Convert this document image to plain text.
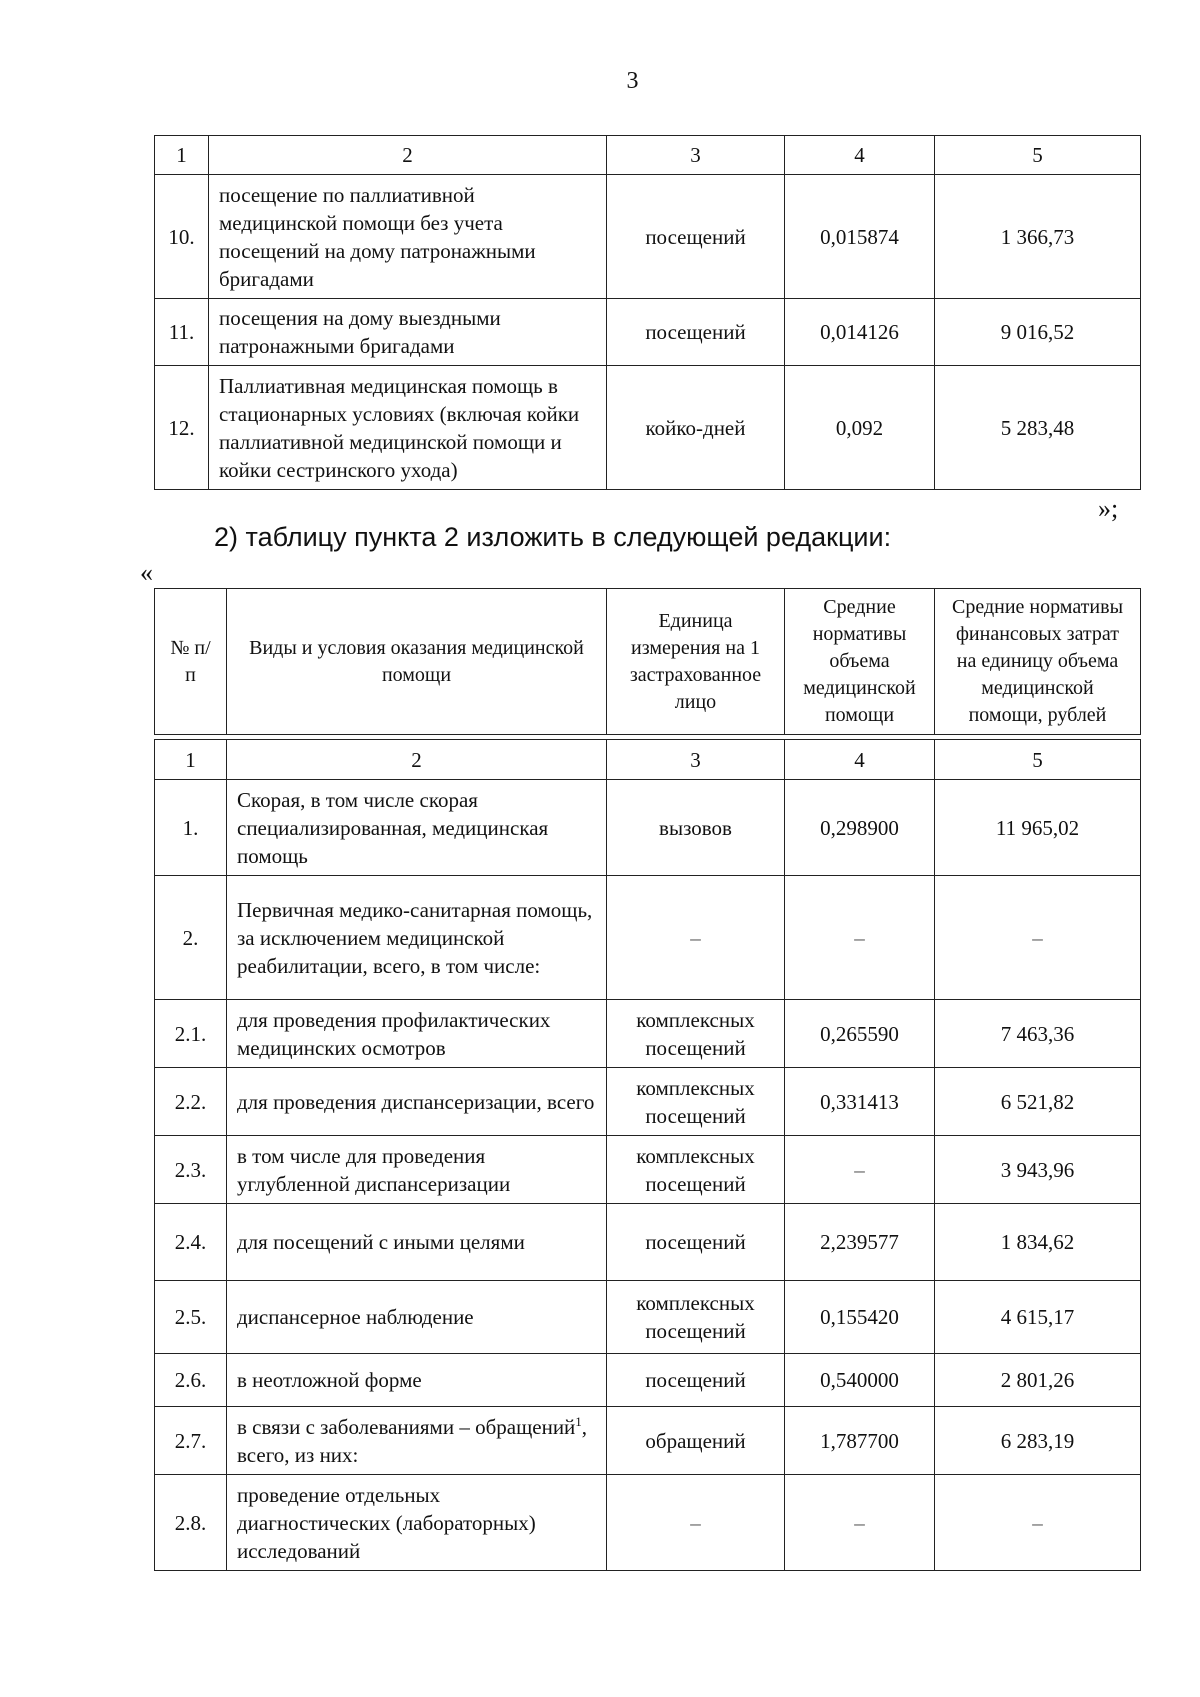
3
1	2	3	4	5
10.	посещение по паллиативной медицинской помощи без учета посещений на дому патронажными бригадами	посещений	0,015874	1 366,73
11.	посещения на дому выездными патронажными бригадами	посещений	0,014126	9 016,52
12.	Паллиативная медицинская помощь в стационарных условиях (включая койки паллиативной медицинской помощи и койки сестринского ухода)	койко-дней	0,092	5 283,48
»;
2) таблицу пункта 2 изложить в следующей редакции:
«
№ п/п	Виды и условия оказания медицинской помощи	Единица измерения на 1 застрахованное лицо	Средние нормативы объема медицинской помощи	Средние нормативы финансовых затрат на единицу объема медицинской помощи, рублей
1	2	3	4	5
1.	Скорая, в том числе скорая специализированная, медицинская помощь	вызовов	0,298900	11 965,02
2.	Первичная медико-санитарная помощь, за исключением медицинской реабилитации, всего, в том числе:	–	–	–
2.1.	для проведения профилактических медицинских осмотров	комплексных посещений	0,265590	7 463,36
2.2.	для проведения диспансеризации, всего	комплексных посещений	0,331413	6 521,82
2.3.	в том числе для проведения углубленной диспансеризации	комплексных посещений	–	3 943,96
2.4.	для посещений с иными целями	посещений	2,239577	1 834,62
2.5.	диспансерное наблюдение	комплексных посещений	0,155420	4 615,17
2.6.	в неотложной форме	посещений	0,540000	2 801,26
2.7.	в связи с заболеваниями – обращений$^1$, всего, из них:	обращений	1,787700	6 283,19
2.8.	проведение отдельных диагностических (лабораторных) исследований	–	–	–
